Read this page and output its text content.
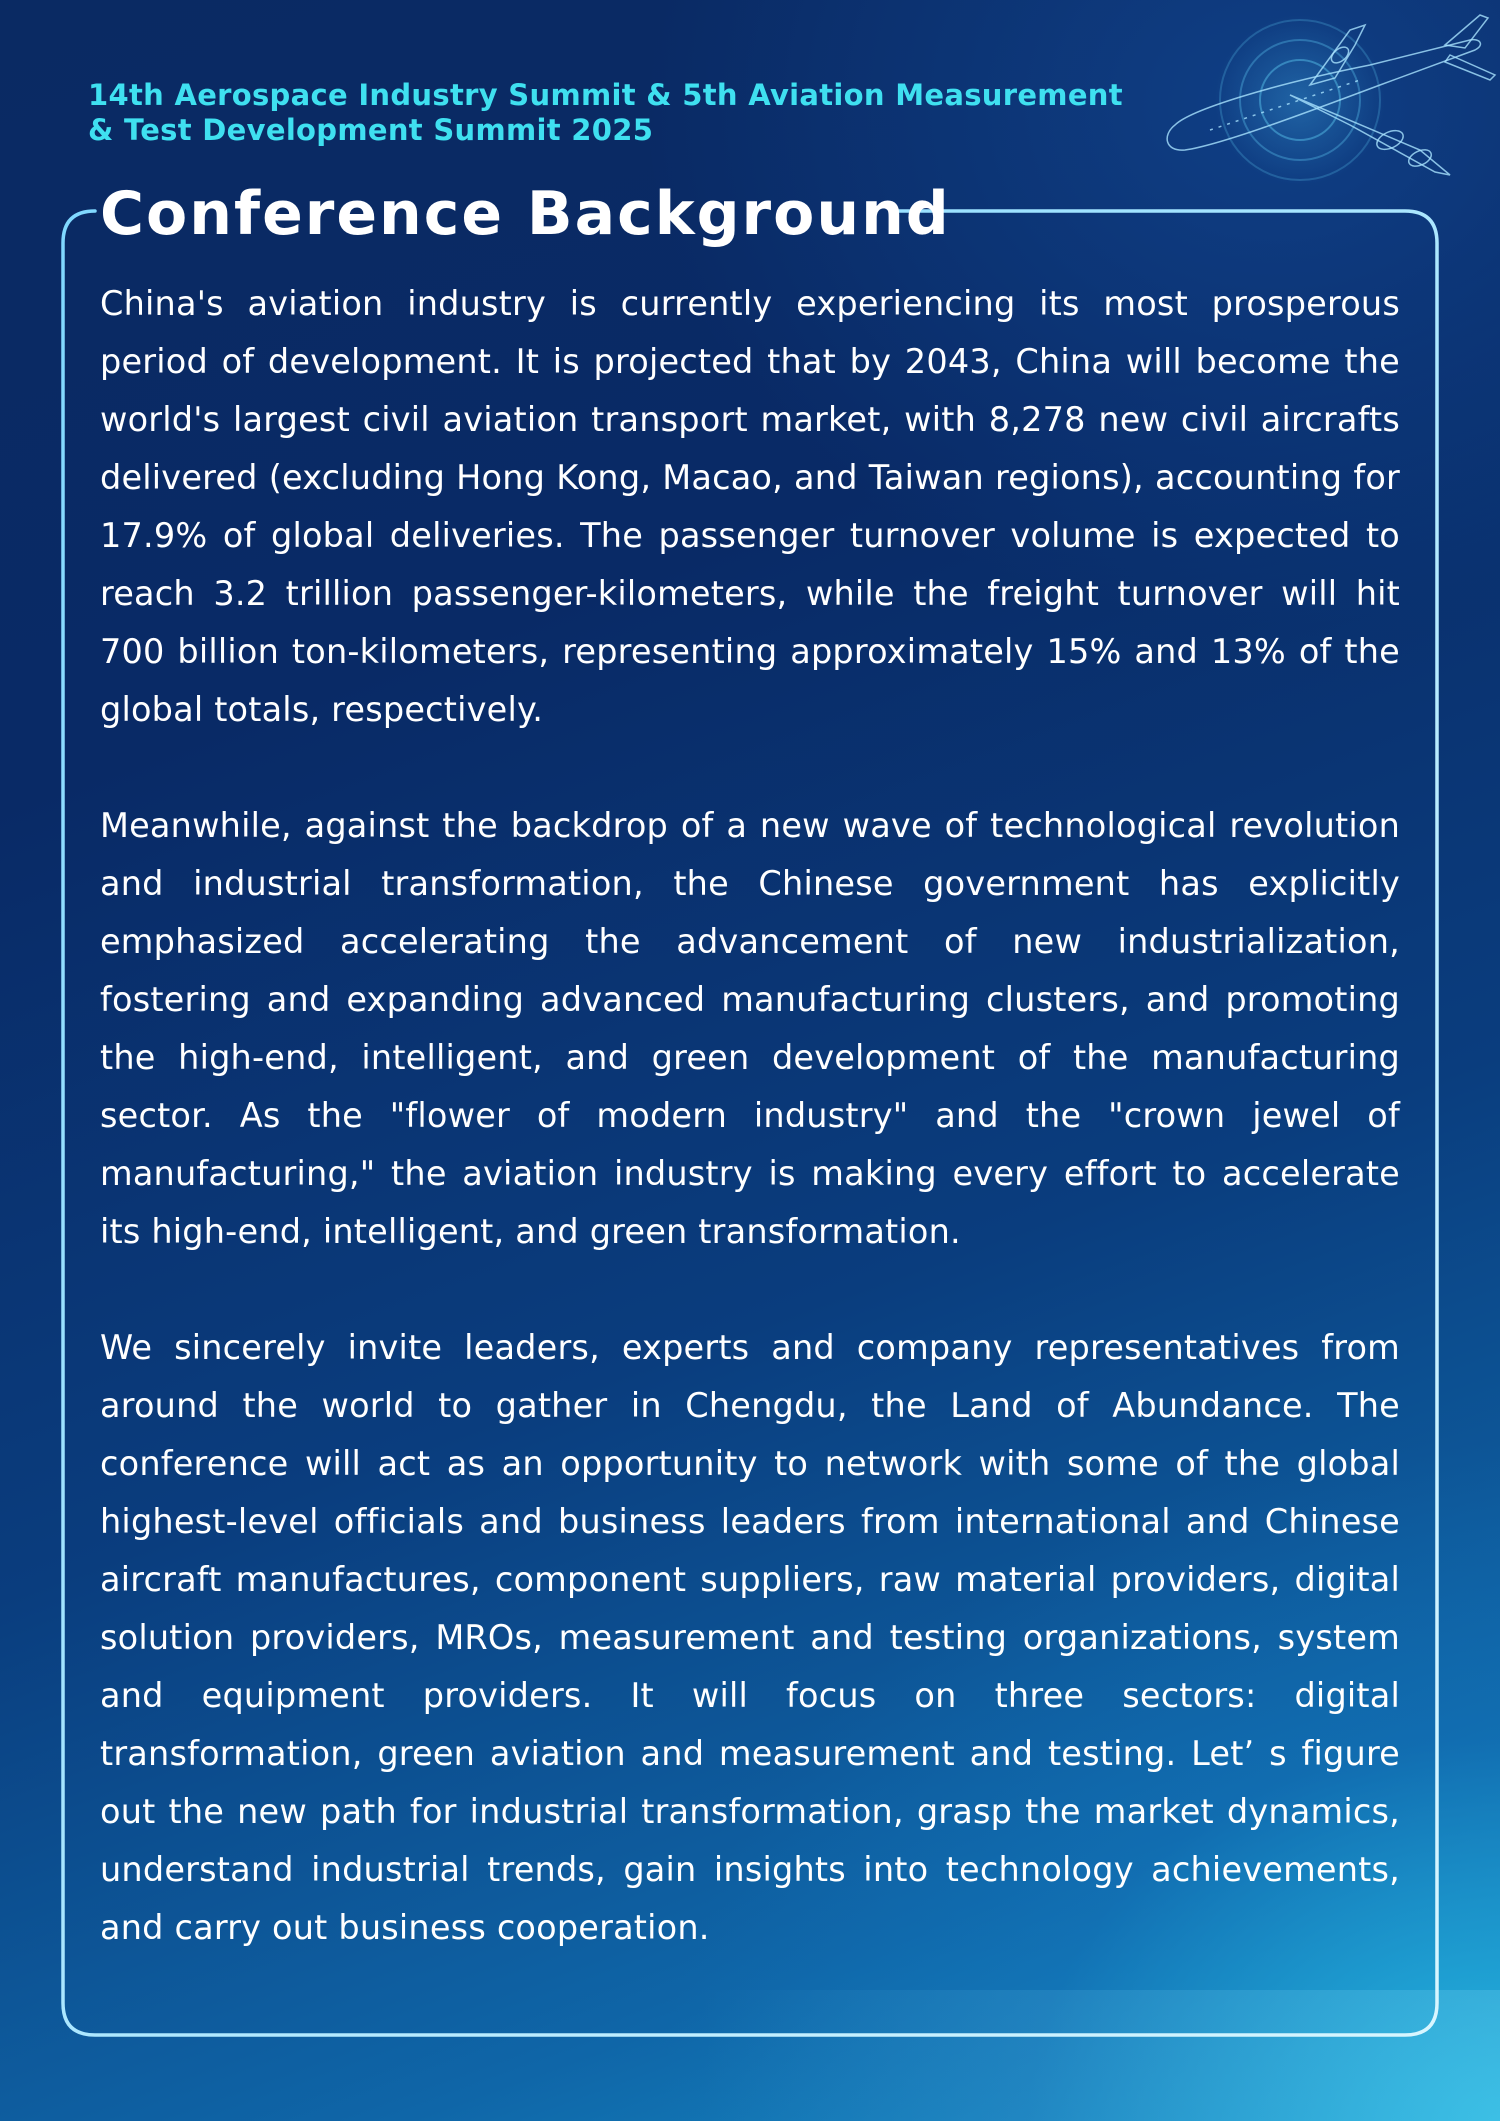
14th Aerospace Industry Summit & 5th Aviation Measurement
& Test Development Summit 2025
Conference Background

China's aviation industry is currently experiencing its most prosperous period of development. It is projected that by 2043, China will become the world's largest civil aviation transport market, with 8,278 new civil aircrafts delivered (excluding Hong Kong, Macao, and Taiwan regions), accounting for 17.9% of global deliveries. The passenger turnover volume is expected to reach 3.2 trillion passenger-kilometers, while the freight turnover will hit 700 billion ton-kilometers, representing approximately 15% and 13% of the global totals, respectively.

Meanwhile, against the backdrop of a new wave of technological revolution and industrial transformation, the Chinese government has explicitly emphasized accelerating the advancement of new industrialization, fostering and expanding advanced manufacturing clusters, and promoting the high-end, intelligent, and green development of the manufacturing sector. As the "flower of modern industry" and the "crown jewel of manufacturing," the aviation industry is making every effort to accelerate its high-end, intelligent, and green transformation.

We sincerely invite leaders, experts and company representatives from around the world to gather in Chengdu, the Land of Abundance. The conference will act as an opportunity to network with some of the global highest-level officials and business leaders from international and Chinese aircraft manufactures, component suppliers, raw material providers, digital solution providers, MROs, measurement and testing organizations, system and equipment providers. It will focus on three sectors: digital transformation, green aviation and measurement and testing. Let’ s figure out the new path for industrial transformation, grasp the market dynamics, understand industrial trends, gain insights into technology achievements, and carry out business cooperation.
